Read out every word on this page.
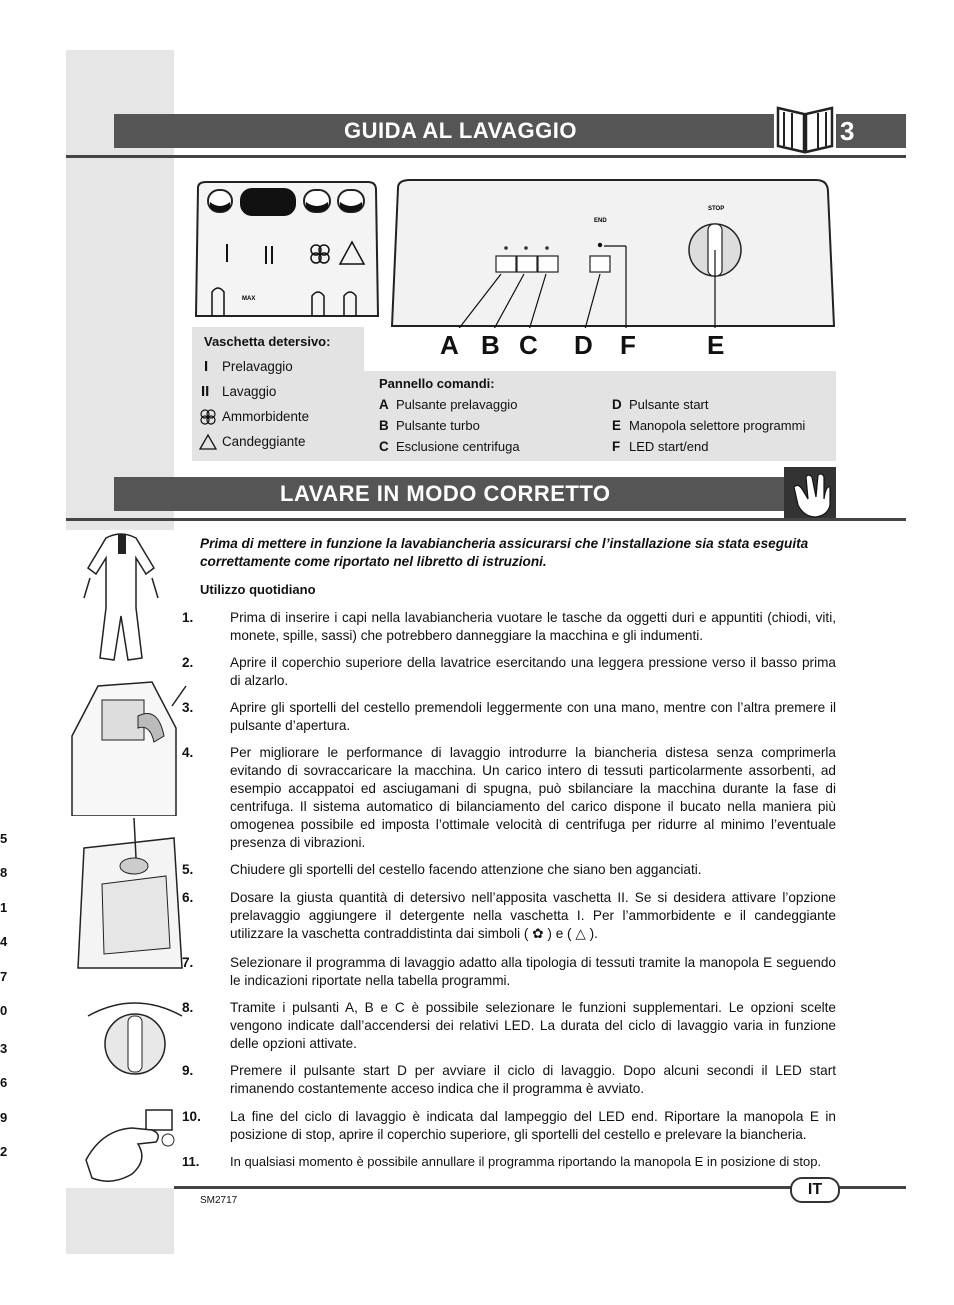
GUIDA AL LAVAGGIO	3
MAX
END
STOP
A B C D F	E
Vaschetta detersivo:
I Prelavaggio
II Lavaggio
Ammorbidente
Candeggiante
Pannello comandi:
A Pulsante prelavaggio
B Pulsante turbo
C Esclusione centrifuga
D Pulsante start
E Manopola selettore programmi
F LED start/end
LAVARE IN MODO CORRETTO
5
8
1
4
7
0
3
6
9
2
Prima di mettere in funzione la lavabiancheria assicurarsi che l’installazione sia stata eseguita correttamente come riportato nel libretto di istruzioni.
Utilizzo quotidiano
1.	Prima di inserire i capi nella lavabiancheria vuotare le tasche da oggetti duri e appuntiti (chiodi, viti, monete, spille, sassi) che potrebbero danneggiare la macchina e gli indumenti.
2.	Aprire il coperchio superiore della lavatrice esercitando una leggera pressione verso il basso prima di alzarlo.
3.	Aprire gli sportelli del cestello premendoli leggermente con una mano, mentre con l’altra premere il pulsante d’apertura.
4.	Per migliorare le performance di lavaggio introdurre la biancheria distesa senza comprimerla evitando di sovraccaricare la macchina. Un carico intero di tessuti particolarmente assorbenti, ad esempio accappatoi ed asciugamani di spugna, può sbilanciare la macchina durante la fase di centrifuga. Il sistema automatico di bilanciamento del carico dispone il bucato nella maniera più omogenea possibile ed imposta l’ottimale velocità di centrifuga per ridurre al minimo l’eventuale presenza di vibrazioni.
5.	Chiudere gli sportelli del cestello facendo attenzione che siano ben agganciati.
6.	Dosare la giusta quantità di detersivo nell’apposita vaschetta II. Se si desidera attivare l’opzione prelavaggio aggiungere il detergente nella vaschetta I. Per l’ammorbidente e il candeggiante utilizzare la vaschetta contraddistinta dai simboli ( ✿ ) e ( △ ).
7.	Selezionare il programma di lavaggio adatto alla tipologia di tessuti tramite la manopola E seguendo le indicazioni riportate nella tabella programmi.
8.	Tramite i pulsanti A, B e C è possibile selezionare le funzioni supplementari. Le opzioni scelte vengono indicate dall’accendersi dei relativi LED. La durata del ciclo di lavaggio varia in funzione delle opzioni attivate.
9.	Premere il pulsante start D per avviare il ciclo di lavaggio. Dopo alcuni secondi il LED start rimanendo costantemente acceso indica che il programma è avviato.
10. La fine del ciclo di lavaggio è indicata dal lampeggio del LED end. Riportare la manopola E in posizione di stop, aprire il coperchio superiore, gli sportelli del cestello e prelevare la biancheria.
11. In qualsiasi momento è possibile annullare il programma riportando la manopola E in posizione di stop.
IT
SM2717
